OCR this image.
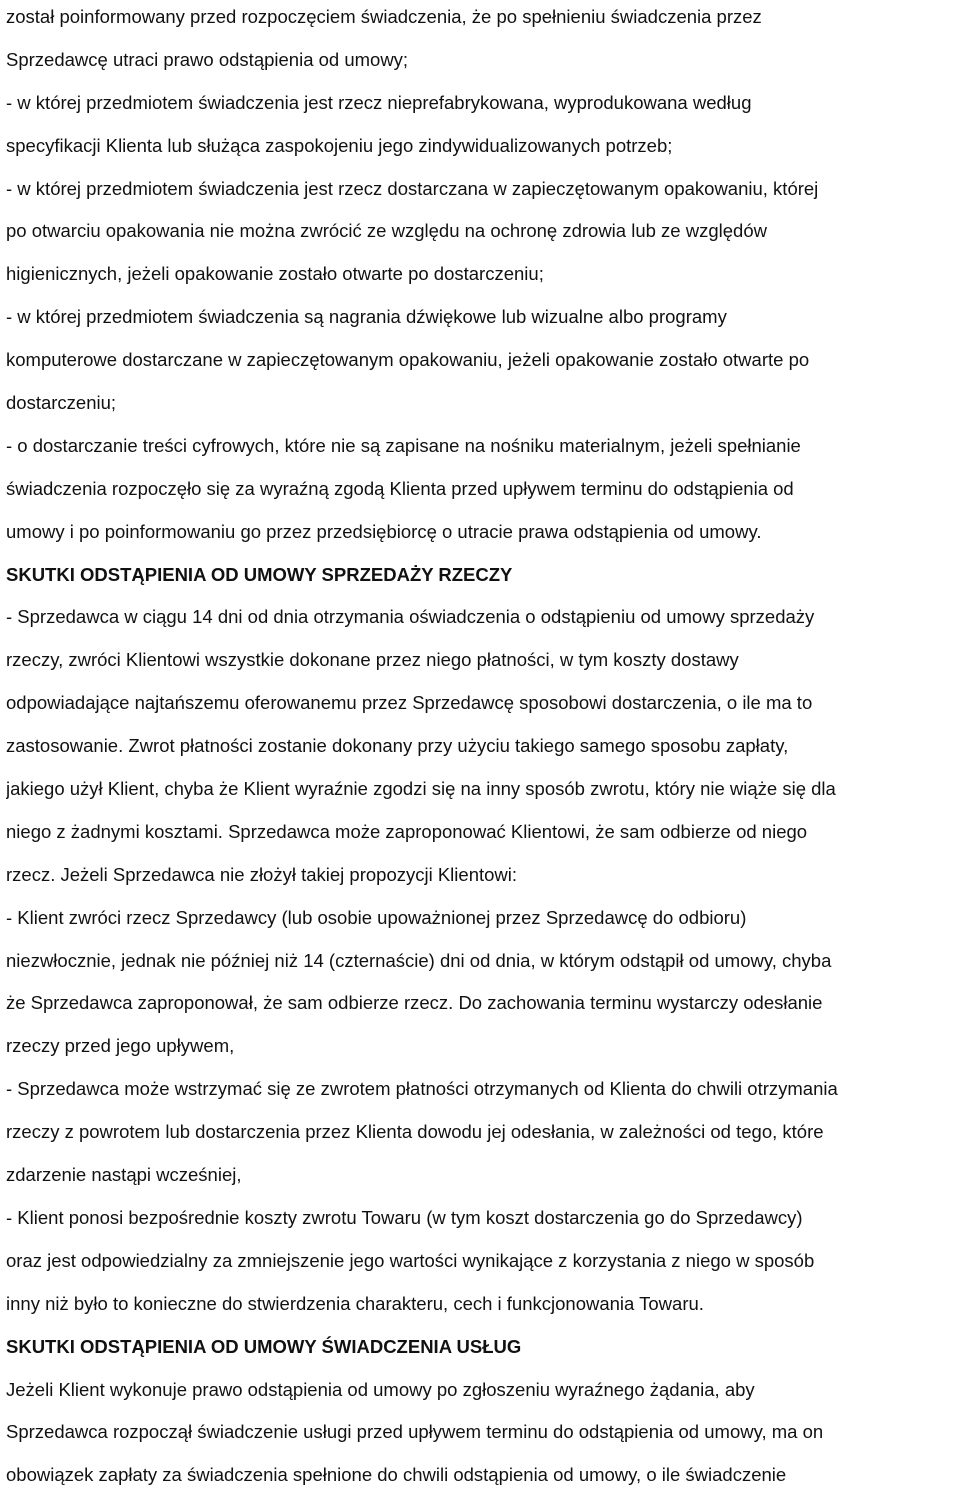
został poinformowany przed rozpoczęciem świadczenia, że po spełnieniu świadczenia przez
Sprzedawcę utraci prawo odstąpienia od umowy;
- w której przedmiotem świadczenia jest rzecz nieprefabrykowana, wyprodukowana według
specyfikacji Klienta lub służąca zaspokojeniu jego zindywidualizowanych potrzeb;
- w której przedmiotem świadczenia jest rzecz dostarczana w zapieczętowanym opakowaniu, której
po otwarciu opakowania nie można zwrócić ze względu na ochronę zdrowia lub ze względów
higienicznych, jeżeli opakowanie zostało otwarte po dostarczeniu;
- w której przedmiotem świadczenia są nagrania dźwiękowe lub wizualne albo programy
komputerowe dostarczane w zapieczętowanym opakowaniu, jeżeli opakowanie zostało otwarte po
dostarczeniu;
- o dostarczanie treści cyfrowych, które nie są zapisane na nośniku materialnym, jeżeli spełnianie
świadczenia rozpoczęło się za wyraźną zgodą Klienta przed upływem terminu do odstąpienia od
umowy i po poinformowaniu go przez przedsiębiorcę o utracie prawa odstąpienia od umowy.
SKUTKI ODSTĄPIENIA OD UMOWY SPRZEDAŻY RZECZY
- Sprzedawca w ciągu 14 dni od dnia otrzymania oświadczenia o odstąpieniu od umowy sprzedaży
rzeczy, zwróci Klientowi wszystkie dokonane przez niego płatności, w tym koszty dostawy
odpowiadające najtańszemu oferowanemu przez Sprzedawcę sposobowi dostarczenia, o ile ma to
zastosowanie. Zwrot płatności zostanie dokonany przy użyciu takiego samego sposobu zapłaty,
jakiego użył Klient, chyba że Klient wyraźnie zgodzi się na inny sposób zwrotu, który nie wiąże się dla
niego z żadnymi kosztami. Sprzedawca może zaproponować Klientowi, że sam odbierze od niego
rzecz. Jeżeli Sprzedawca nie złożył takiej propozycji Klientowi:
- Klient zwróci rzecz Sprzedawcy (lub osobie upoważnionej przez Sprzedawcę do odbioru)
niezwłocznie, jednak nie później niż 14 (czternaście) dni od dnia, w którym odstąpił od umowy, chyba
że Sprzedawca zaproponował, że sam odbierze rzecz. Do zachowania terminu wystarczy odesłanie
rzeczy przed jego upływem,
- Sprzedawca może wstrzymać się ze zwrotem płatności otrzymanych od Klienta do chwili otrzymania
rzeczy z powrotem lub dostarczenia przez Klienta dowodu jej odesłania, w zależności od tego, które
zdarzenie nastąpi wcześniej,
- Klient ponosi bezpośrednie koszty zwrotu Towaru (w tym koszt dostarczenia go do Sprzedawcy)
oraz jest odpowiedzialny za zmniejszenie jego wartości wynikające z korzystania z niego w sposób
inny niż było to konieczne do stwierdzenia charakteru, cech i funkcjonowania Towaru.
SKUTKI ODSTĄPIENIA OD UMOWY ŚWIADCZENIA USŁUG
Jeżeli Klient wykonuje prawo odstąpienia od umowy po zgłoszeniu wyraźnego żądania, aby
Sprzedawca rozpoczął świadczenie usługi przed upływem terminu do odstąpienia od umowy, ma on
obowiązek zapłaty za świadczenia spełnione do chwili odstąpienia od umowy, o ile świadczenie
